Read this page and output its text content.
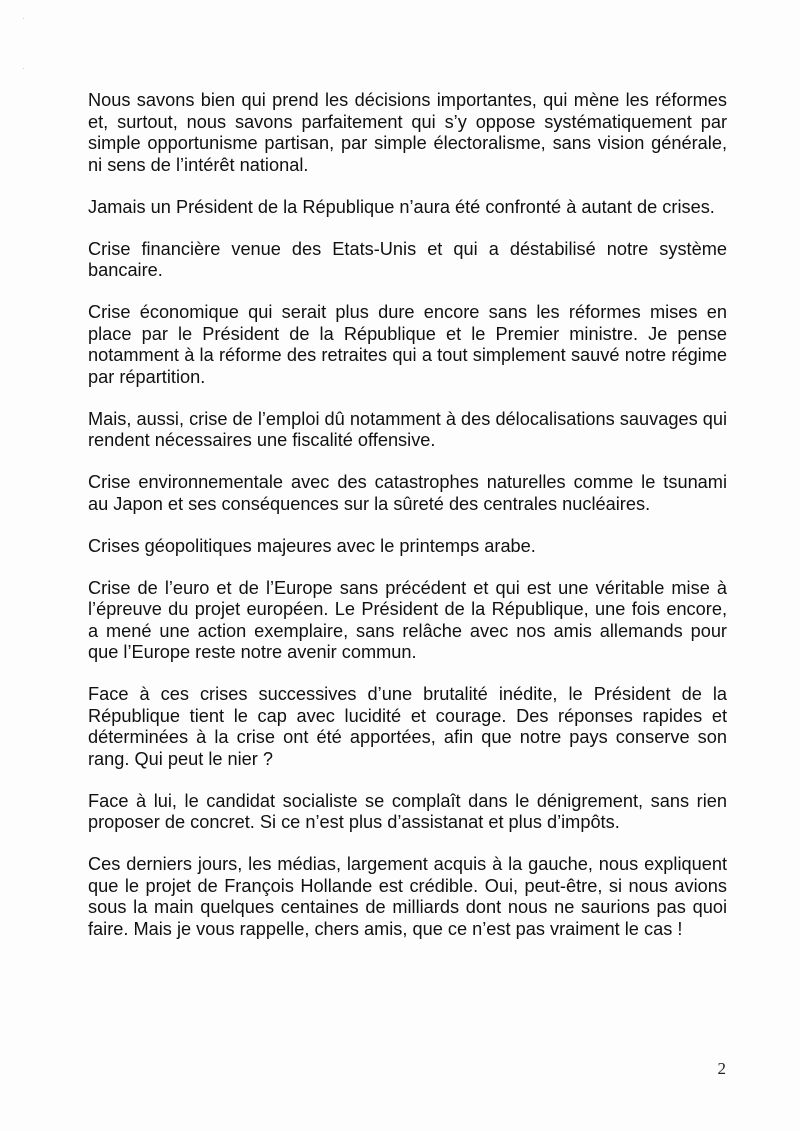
·
·

Nous savons bien qui prend les décisions importantes, qui mène les réformes et, surtout, nous savons parfaitement qui s’y oppose systématiquement par simple opportunisme partisan, par simple électoralisme, sans vision générale, ni sens de l’intérêt national.

Jamais un Président de la République n’aura été confronté à autant de crises.

Crise financière venue des Etats-Unis et qui a déstabilisé notre système bancaire.

Crise économique qui serait plus dure encore sans les réformes mises en place par le Président de la République et le Premier ministre. Je pense notamment à la réforme des retraites qui a tout simplement sauvé notre régime par répartition.

Mais, aussi, crise de l’emploi dû notamment à des délocalisations sauvages qui rendent nécessaires une fiscalité offensive.

Crise environnementale avec des catastrophes naturelles comme le tsunami au Japon et ses conséquences sur la sûreté des centrales nucléaires.

Crises géopolitiques majeures avec le printemps arabe.

Crise de l’euro et de l’Europe sans précédent et qui est une véritable mise à l’épreuve du projet européen. Le Président de la République, une fois encore, a mené une action exemplaire, sans relâche avec nos amis allemands pour que l’Europe reste notre avenir commun.

Face à ces crises successives d’une brutalité inédite, le Président de la République tient le cap avec lucidité et courage. Des réponses rapides et déterminées à la crise ont été apportées, afin que notre pays conserve son rang. Qui peut le nier ?

Face à lui, le candidat socialiste se complaît dans le dénigrement, sans rien proposer de concret. Si ce n’est plus d’assistanat et plus d’impôts.

Ces derniers jours, les médias, largement acquis à la gauche, nous expliquent que le projet de François Hollande est crédible. Oui, peut-être, si nous avions sous la main quelques centaines de milliards dont nous ne saurions pas quoi faire. Mais je vous rappelle, chers amis, que ce n’est pas vraiment le cas !

2
